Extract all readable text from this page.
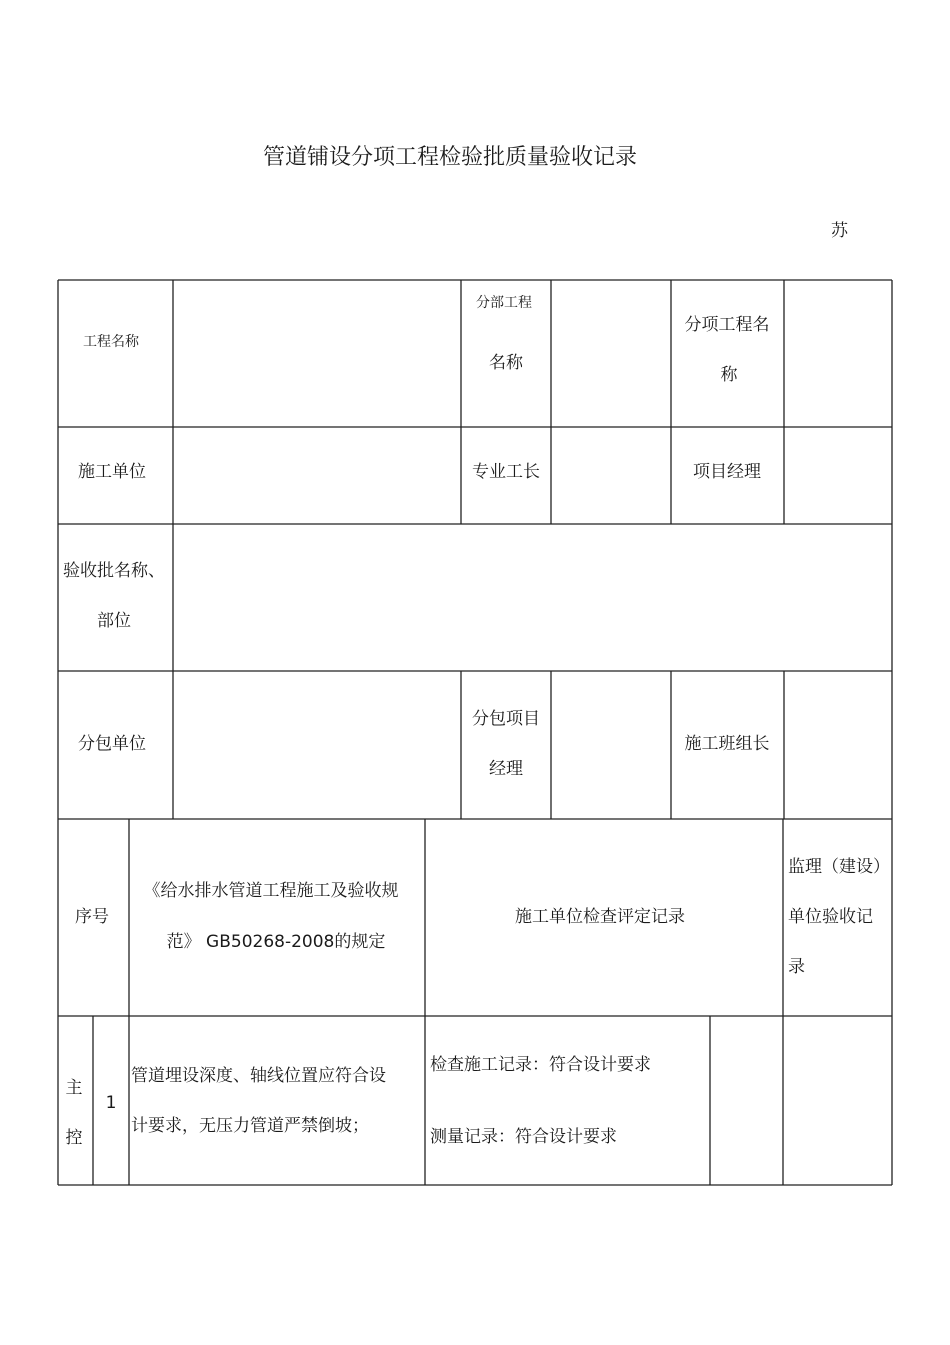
管道铺设分项工程检验批质量验收记录
苏
工程名称
分部工程
名称
分项工程名
称
施工单位	专业工长	项目经理
验收批名称、
部位
分包单位
分包项目
经理
施工班组长
序号
《给水排水管道工程施工及验收规
范》 GB50268-2008的规定
施工单位检查评定记录
监理（建设）
单位验收记
录
主
控
1
管道埋设深度、轴线位置应符合设
计要求，无压力管道严禁倒坡；
检查施工记录：符合设计要求
测量记录：符合设计要求
